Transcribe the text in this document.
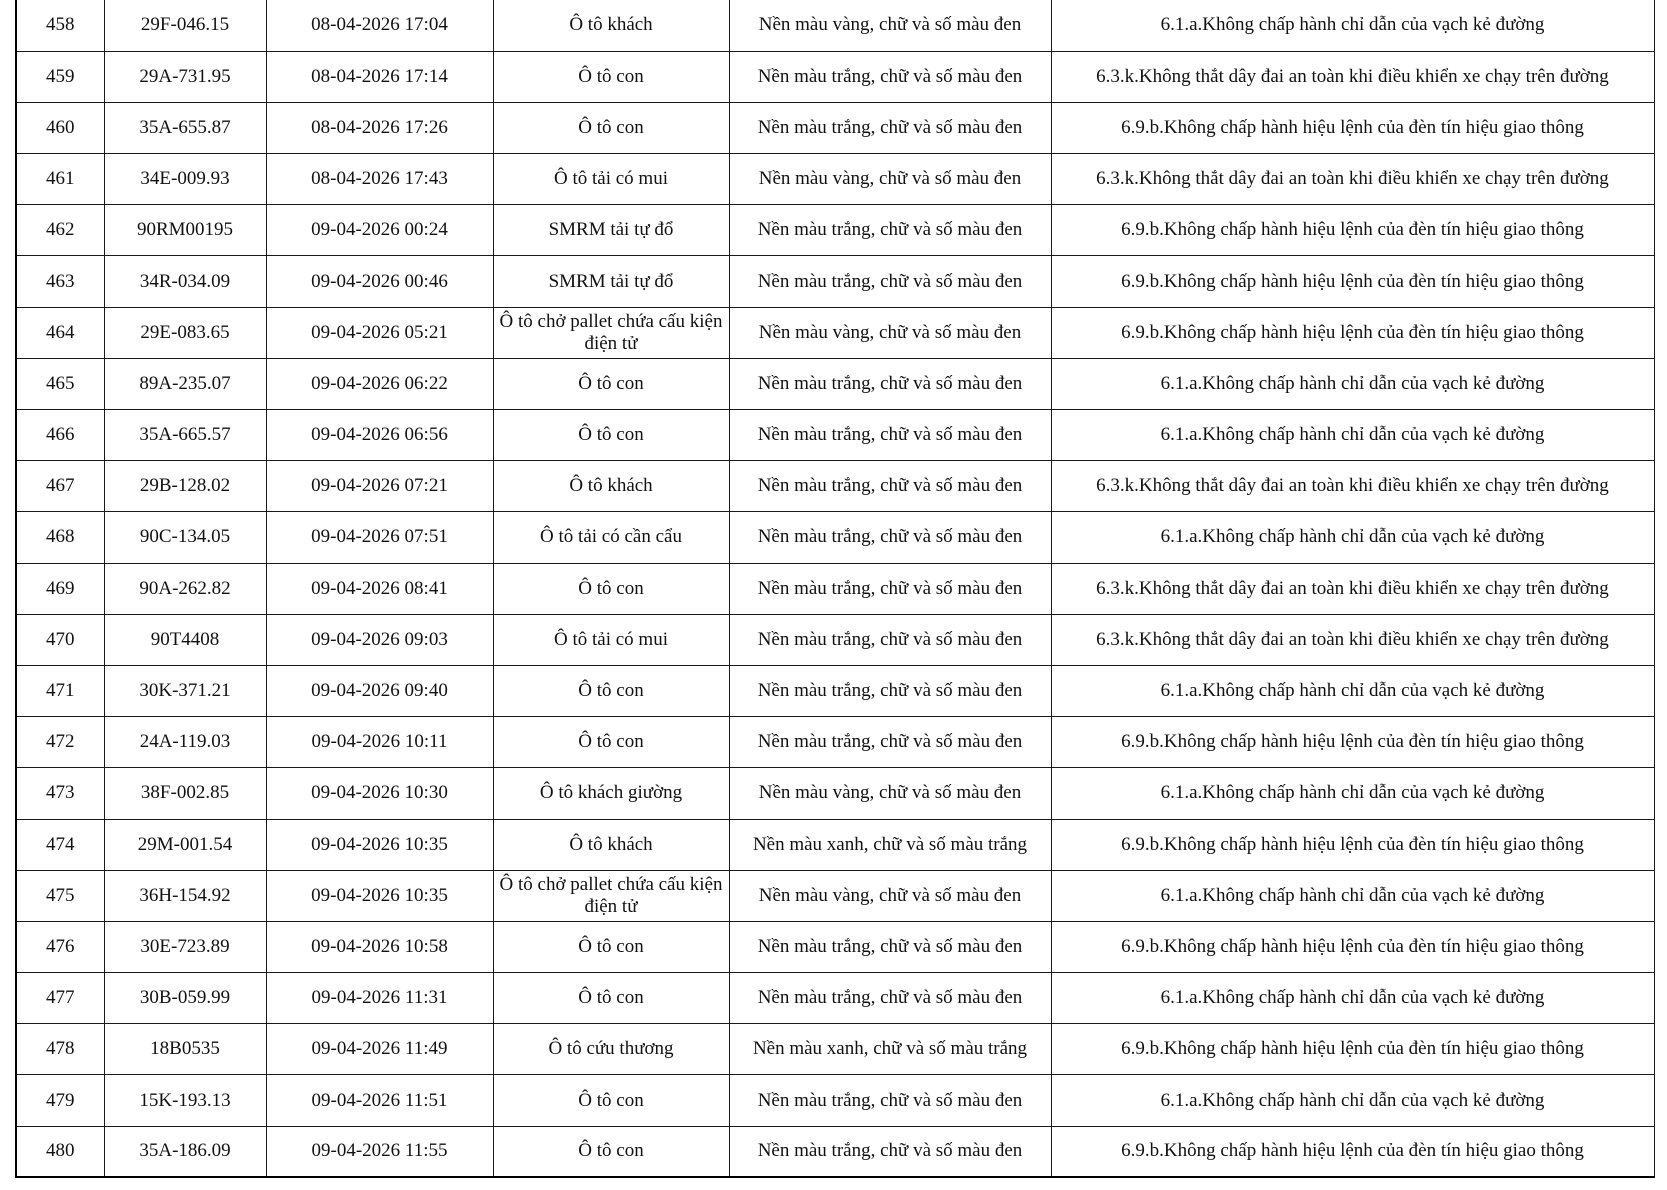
458	29F-046.15	08-04-2026 17:04	Ô tô khách	Nền màu vàng, chữ và số màu đen	6.1.a.Không chấp hành chỉ dẫn của vạch kẻ đường
459	29A-731.95	08-04-2026 17:14	Ô tô con	Nền màu trắng, chữ và số màu đen	6.3.k.Không thắt dây đai an toàn khi điều khiển xe chạy trên đường
460	35A-655.87	08-04-2026 17:26	Ô tô con	Nền màu trắng, chữ và số màu đen	6.9.b.Không chấp hành hiệu lệnh của đèn tín hiệu giao thông
461	34E-009.93	08-04-2026 17:43	Ô tô tải có mui	Nền màu vàng, chữ và số màu đen	6.3.k.Không thắt dây đai an toàn khi điều khiển xe chạy trên đường
462	90RM00195	09-04-2026 00:24	SMRM tải tự đổ	Nền màu trắng, chữ và số màu đen	6.9.b.Không chấp hành hiệu lệnh của đèn tín hiệu giao thông
463	34R-034.09	09-04-2026 00:46	SMRM tải tự đổ	Nền màu trắng, chữ và số màu đen	6.9.b.Không chấp hành hiệu lệnh của đèn tín hiệu giao thông
464	29E-083.65	09-04-2026 05:21	Ô tô chở pallet chứa cấu kiện điện tử	Nền màu vàng, chữ và số màu đen	6.9.b.Không chấp hành hiệu lệnh của đèn tín hiệu giao thông
465	89A-235.07	09-04-2026 06:22	Ô tô con	Nền màu trắng, chữ và số màu đen	6.1.a.Không chấp hành chỉ dẫn của vạch kẻ đường
466	35A-665.57	09-04-2026 06:56	Ô tô con	Nền màu trắng, chữ và số màu đen	6.1.a.Không chấp hành chỉ dẫn của vạch kẻ đường
467	29B-128.02	09-04-2026 07:21	Ô tô khách	Nền màu trắng, chữ và số màu đen	6.3.k.Không thắt dây đai an toàn khi điều khiển xe chạy trên đường
468	90C-134.05	09-04-2026 07:51	Ô tô tải có cần cẩu	Nền màu trắng, chữ và số màu đen	6.1.a.Không chấp hành chỉ dẫn của vạch kẻ đường
469	90A-262.82	09-04-2026 08:41	Ô tô con	Nền màu trắng, chữ và số màu đen	6.3.k.Không thắt dây đai an toàn khi điều khiển xe chạy trên đường
470	90T4408	09-04-2026 09:03	Ô tô tải có mui	Nền màu trắng, chữ và số màu đen	6.3.k.Không thắt dây đai an toàn khi điều khiển xe chạy trên đường
471	30K-371.21	09-04-2026 09:40	Ô tô con	Nền màu trắng, chữ và số màu đen	6.1.a.Không chấp hành chỉ dẫn của vạch kẻ đường
472	24A-119.03	09-04-2026 10:11	Ô tô con	Nền màu trắng, chữ và số màu đen	6.9.b.Không chấp hành hiệu lệnh của đèn tín hiệu giao thông
473	38F-002.85	09-04-2026 10:30	Ô tô khách giường	Nền màu vàng, chữ và số màu đen	6.1.a.Không chấp hành chỉ dẫn của vạch kẻ đường
474	29M-001.54	09-04-2026 10:35	Ô tô khách	Nền màu xanh, chữ và số màu trắng	6.9.b.Không chấp hành hiệu lệnh của đèn tín hiệu giao thông
475	36H-154.92	09-04-2026 10:35	Ô tô chở pallet chứa cấu kiện điện tử	Nền màu vàng, chữ và số màu đen	6.1.a.Không chấp hành chỉ dẫn của vạch kẻ đường
476	30E-723.89	09-04-2026 10:58	Ô tô con	Nền màu trắng, chữ và số màu đen	6.9.b.Không chấp hành hiệu lệnh của đèn tín hiệu giao thông
477	30B-059.99	09-04-2026 11:31	Ô tô con	Nền màu trắng, chữ và số màu đen	6.1.a.Không chấp hành chỉ dẫn của vạch kẻ đường
478	18B0535	09-04-2026 11:49	Ô tô cứu thương	Nền màu xanh, chữ và số màu trắng	6.9.b.Không chấp hành hiệu lệnh của đèn tín hiệu giao thông
479	15K-193.13	09-04-2026 11:51	Ô tô con	Nền màu trắng, chữ và số màu đen	6.1.a.Không chấp hành chỉ dẫn của vạch kẻ đường
480	35A-186.09	09-04-2026 11:55	Ô tô con	Nền màu trắng, chữ và số màu đen	6.9.b.Không chấp hành hiệu lệnh của đèn tín hiệu giao thông
